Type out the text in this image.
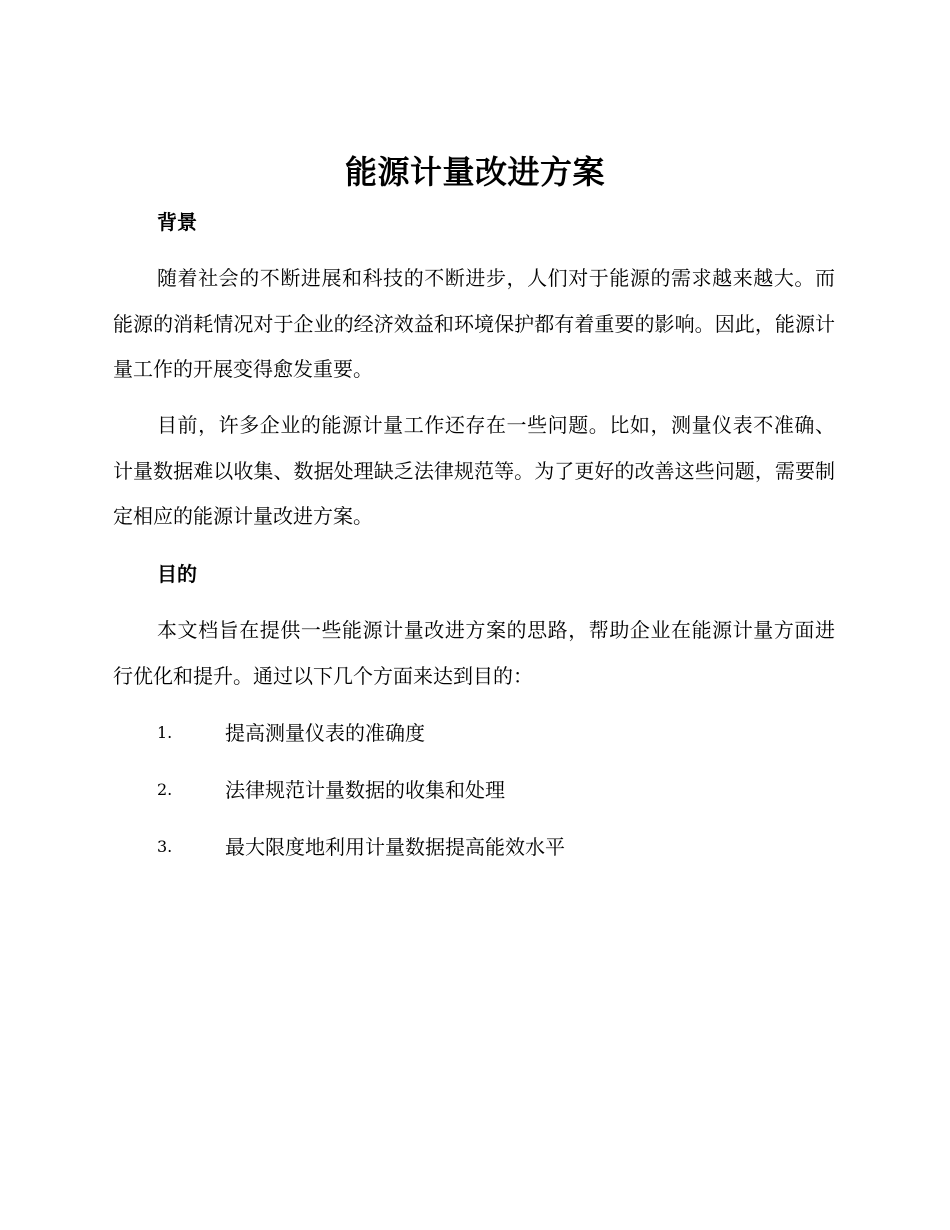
能源计量改进方案
背景
随着社会的不断进展和科技的不断进步，人们对于能源的需求越来越大。而能源的消耗情况对于企业的经济效益和环境保护都有着重要的影响。因此，能源计量工作的开展变得愈发重要。
目前，许多企业的能源计量工作还存在一些问题。比如，测量仪表不准确、计量数据难以收集、数据处理缺乏法律规范等。为了更好的改善这些问题，需要制定相应的能源计量改进方案。
目的
本文档旨在提供一些能源计量改进方案的思路，帮助企业在能源计量方面进行优化和提升。通过以下几个方面来达到目的：
1.	提高测量仪表的准确度
2.	法律规范计量数据的收集和处理
3.	最大限度地利用计量数据提高能效水平
